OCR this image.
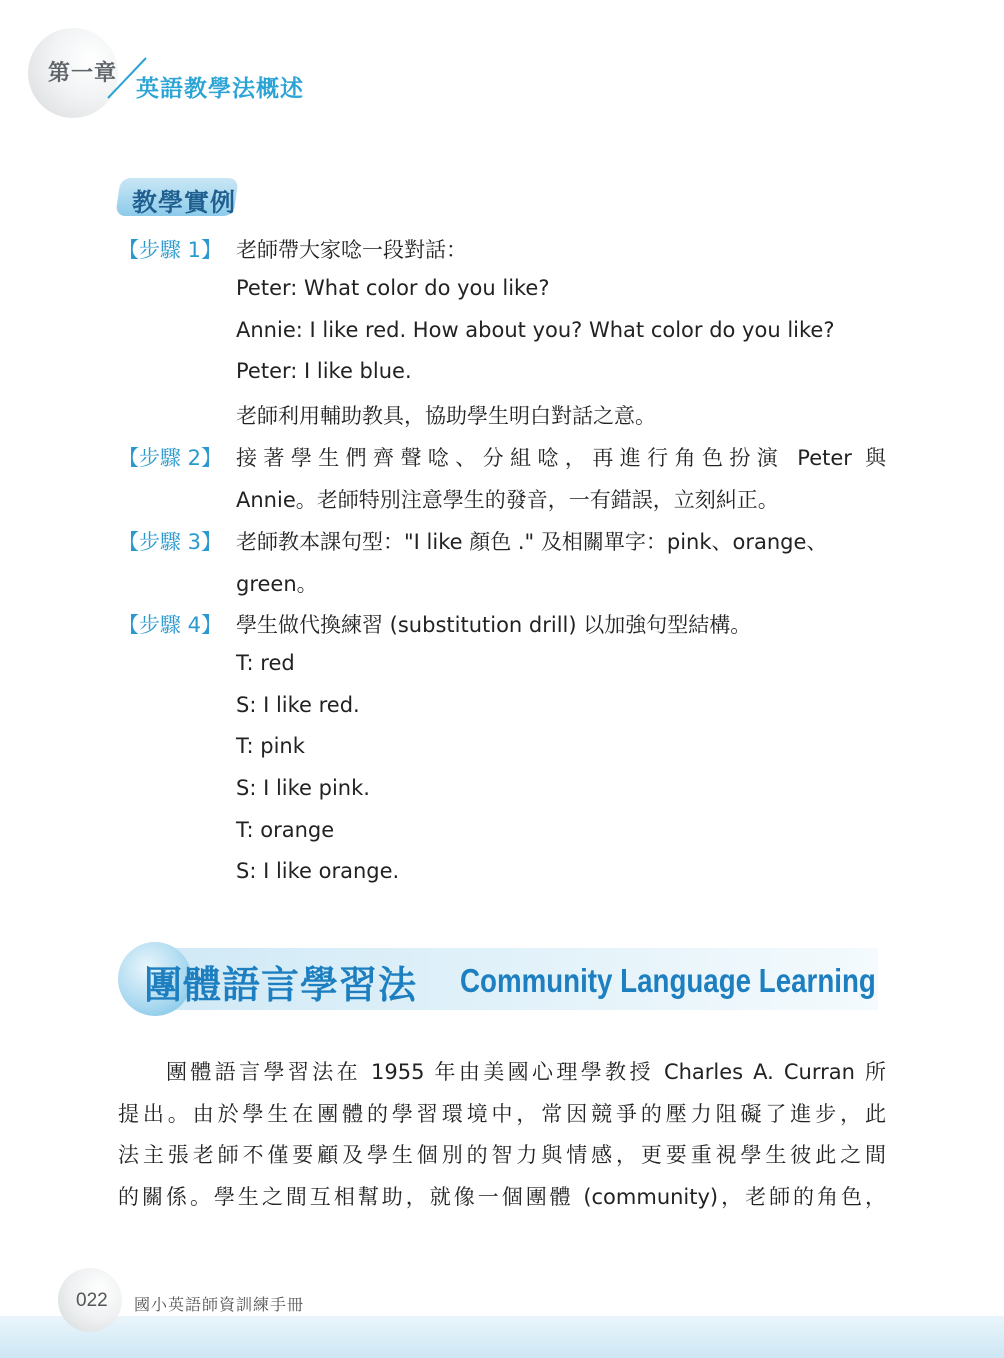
第一章
英語教學法概述
教學實例
【步驟 1】 老師帶大家唸一段對話：
Peter: What color do you like?
Annie: I like red. How about you? What color do you like?
Peter: I like blue.
老師利用輔助教具，協助學生明白對話之意。
【步驟 2】 接著學生們齊聲唸、分組唸，再進行角色扮演 Peter 與
Annie。老師特別注意學生的發音，一有錯誤，立刻糾正。
【步驟 3】 老師教本課句型："I like 顏色 ." 及相關單字：pink、orange、
green。
【步驟 4】 學生做代換練習 (substitution drill) 以加強句型結構。
T: red
S: I like red.
T: pink
S: I like pink.
T: orange
S: I like orange.
團體語言學習法 Community Language Learning
團體語言學習法在 1955 年由美國心理學教授 Charles A. Curran 所
提出。由於學生在團體的學習環境中，常因競爭的壓力阻礙了進步，此
法主張老師不僅要顧及學生個別的智力與情感，更要重視學生彼此之間
的關係。學生之間互相幫助，就像一個團體 (community)，老師的角色，
022 國小英語師資訓練手冊
